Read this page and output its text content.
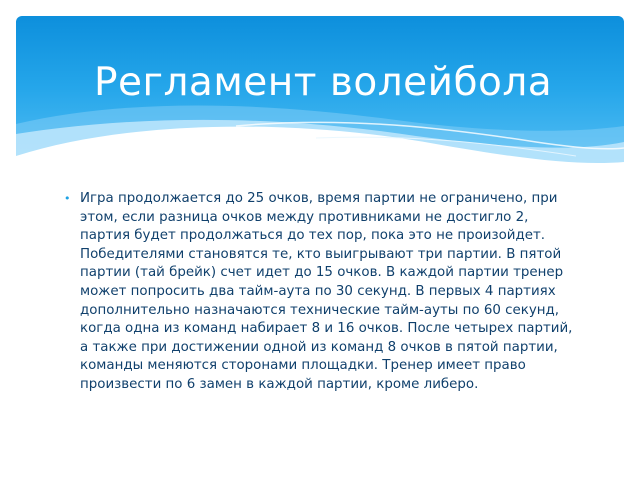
Регламент волейбола
• Игра продолжается до 25 очков, время партии не ограничено, при этом, если разница очков между противниками не достигло 2, партия будет продолжаться до тех пор, пока это не произойдет. Победителями становятся те, кто выигрывают три партии. В пятой партии (тай брейк) счет идет до 15 очков. В каждой партии тренер может попросить два тайм-аута по 30 секунд. В первых 4 партиях дополнительно назначаются технические тайм-ауты по 60 секунд, когда одна из команд набирает 8 и 16 очков. После четырех партий, а также при достижении одной из команд 8 очков в пятой партии, команды меняются сторонами площадки. Тренер имеет право произвести по 6 замен в каждой партии, кроме либеро.
